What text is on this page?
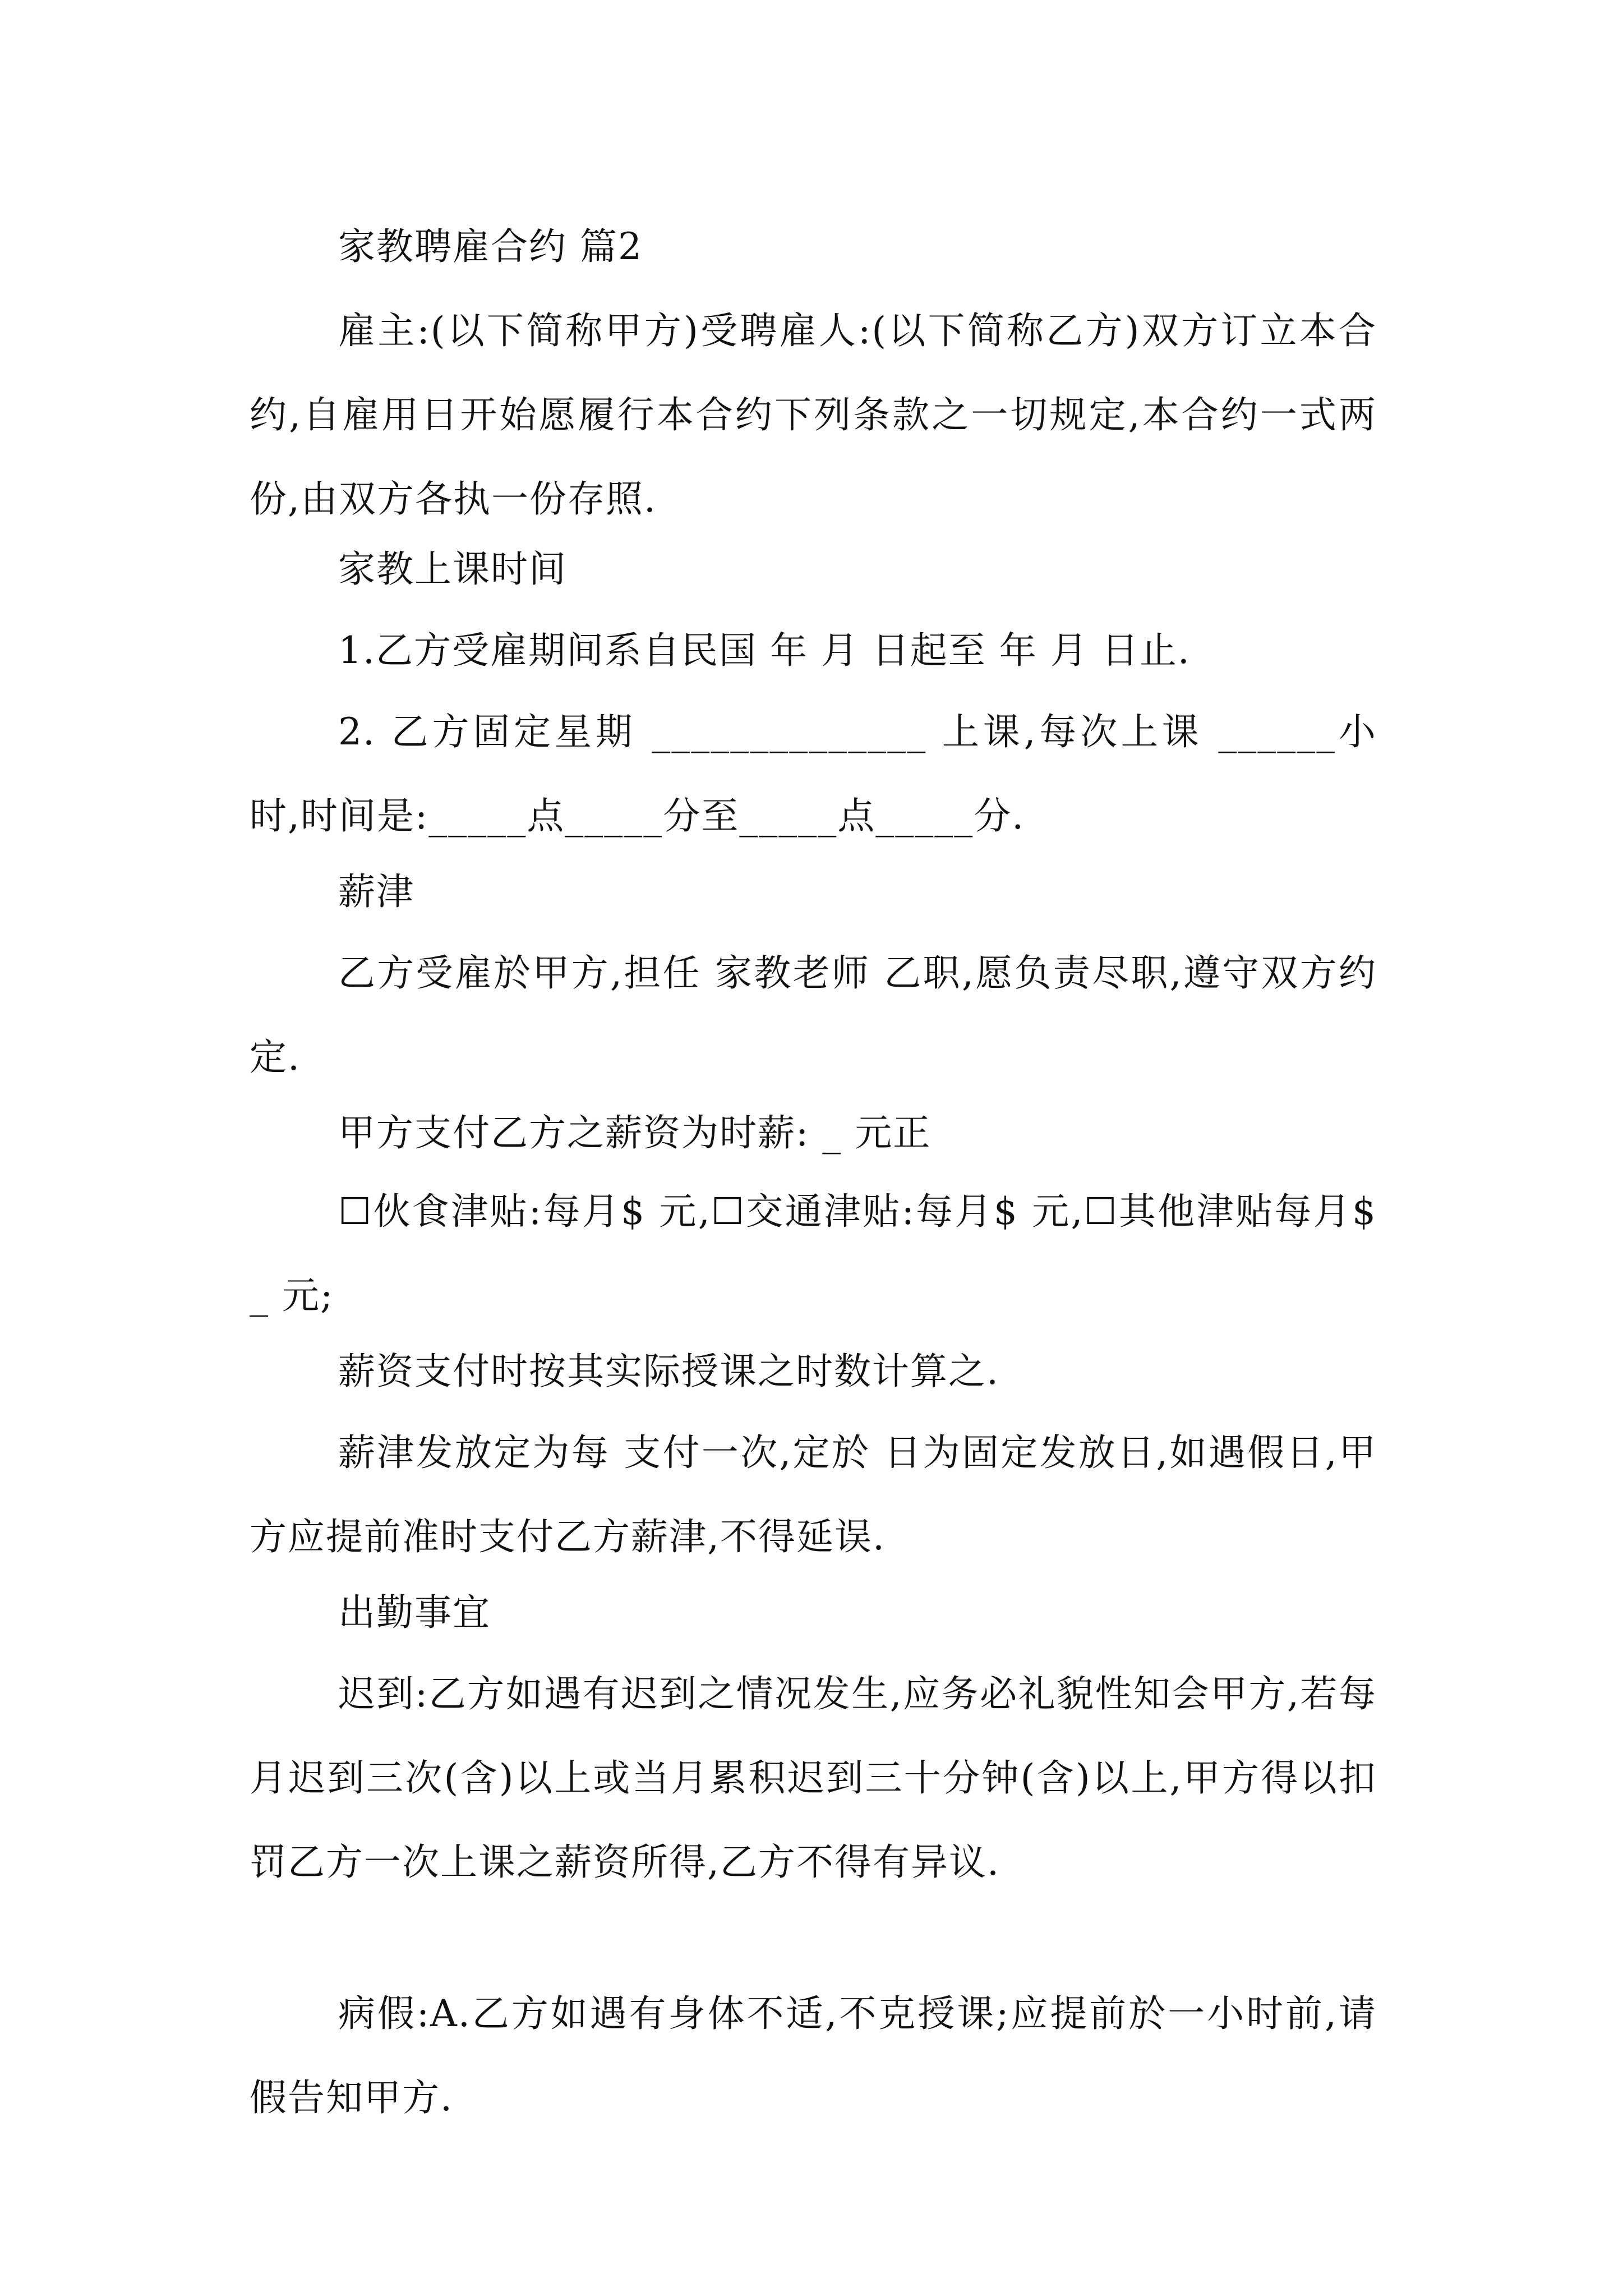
家教聘雇合约 篇2

雇主:(以下简称甲方)受聘雇人:(以下简称乙方)双方订立本合约,自雇用日开始愿履行本合约下列条款之一切规定,本合约一式两份,由双方各执一份存照.

家教上课时间

1.乙方受雇期间系自民国 年 月 日起至 年 月 日止.

2. 乙方固定星期 ______________ 上课,每次上课 ______小时,时间是:_____点_____分至_____点_____分.

薪津

乙方受雇於甲方,担任 家教老师 乙职,愿负责尽职,遵守双方约定.

甲方支付乙方之薪资为时薪: _ 元正

☐伙食津贴:每月$ 元,☐交通津贴:每月$ 元,☐其他津贴每月$ _ 元;

薪资支付时按其实际授课之时数计算之.

薪津发放定为每 支付一次,定於 日为固定发放日,如遇假日,甲方应提前准时支付乙方薪津,不得延误.

出勤事宜

迟到:乙方如遇有迟到之情况发生,应务必礼貌性知会甲方,若每月迟到三次(含)以上或当月累积迟到三十分钟(含)以上,甲方得以扣罚乙方一次上课之薪资所得,乙方不得有异议.

病假:A.乙方如遇有身体不适,不克授课;应提前於一小时前,请假告知甲方.
